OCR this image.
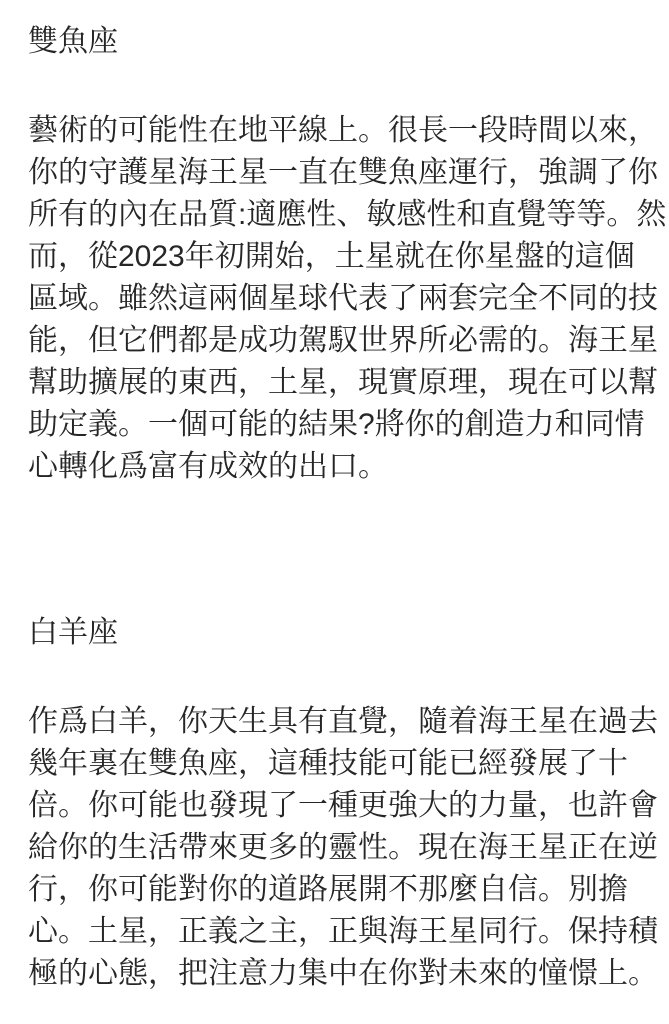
雙魚座
藝術的可能性在地平線上。很長一段時間以來，
你的守護星海王星一直在雙魚座運行，強調了你
所有的內在品質:適應性、敏感性和直覺等等。然
而，從2023年初開始，土星就在你星盤的這個
區域。雖然這兩個星球代表了兩套完全不同的技
能，但它們都是成功駕馭世界所必需的。海王星
幫助擴展的東西，土星，現實原理，現在可以幫
助定義。一個可能的結果?將你的創造力和同情
心轉化爲富有成效的出口。
白羊座
作爲白羊，你天生具有直覺，隨着海王星在過去
幾年裏在雙魚座，這種技能可能已經發展了十
倍。你可能也發現了一種更強大的力量，也許會
給你的生活帶來更多的靈性。現在海王星正在逆
行，你可能對你的道路展開不那麼自信。別擔
心。土星，正義之主，正與海王星同行。保持積
極的心態，把注意力集中在你對未來的憧憬上。
